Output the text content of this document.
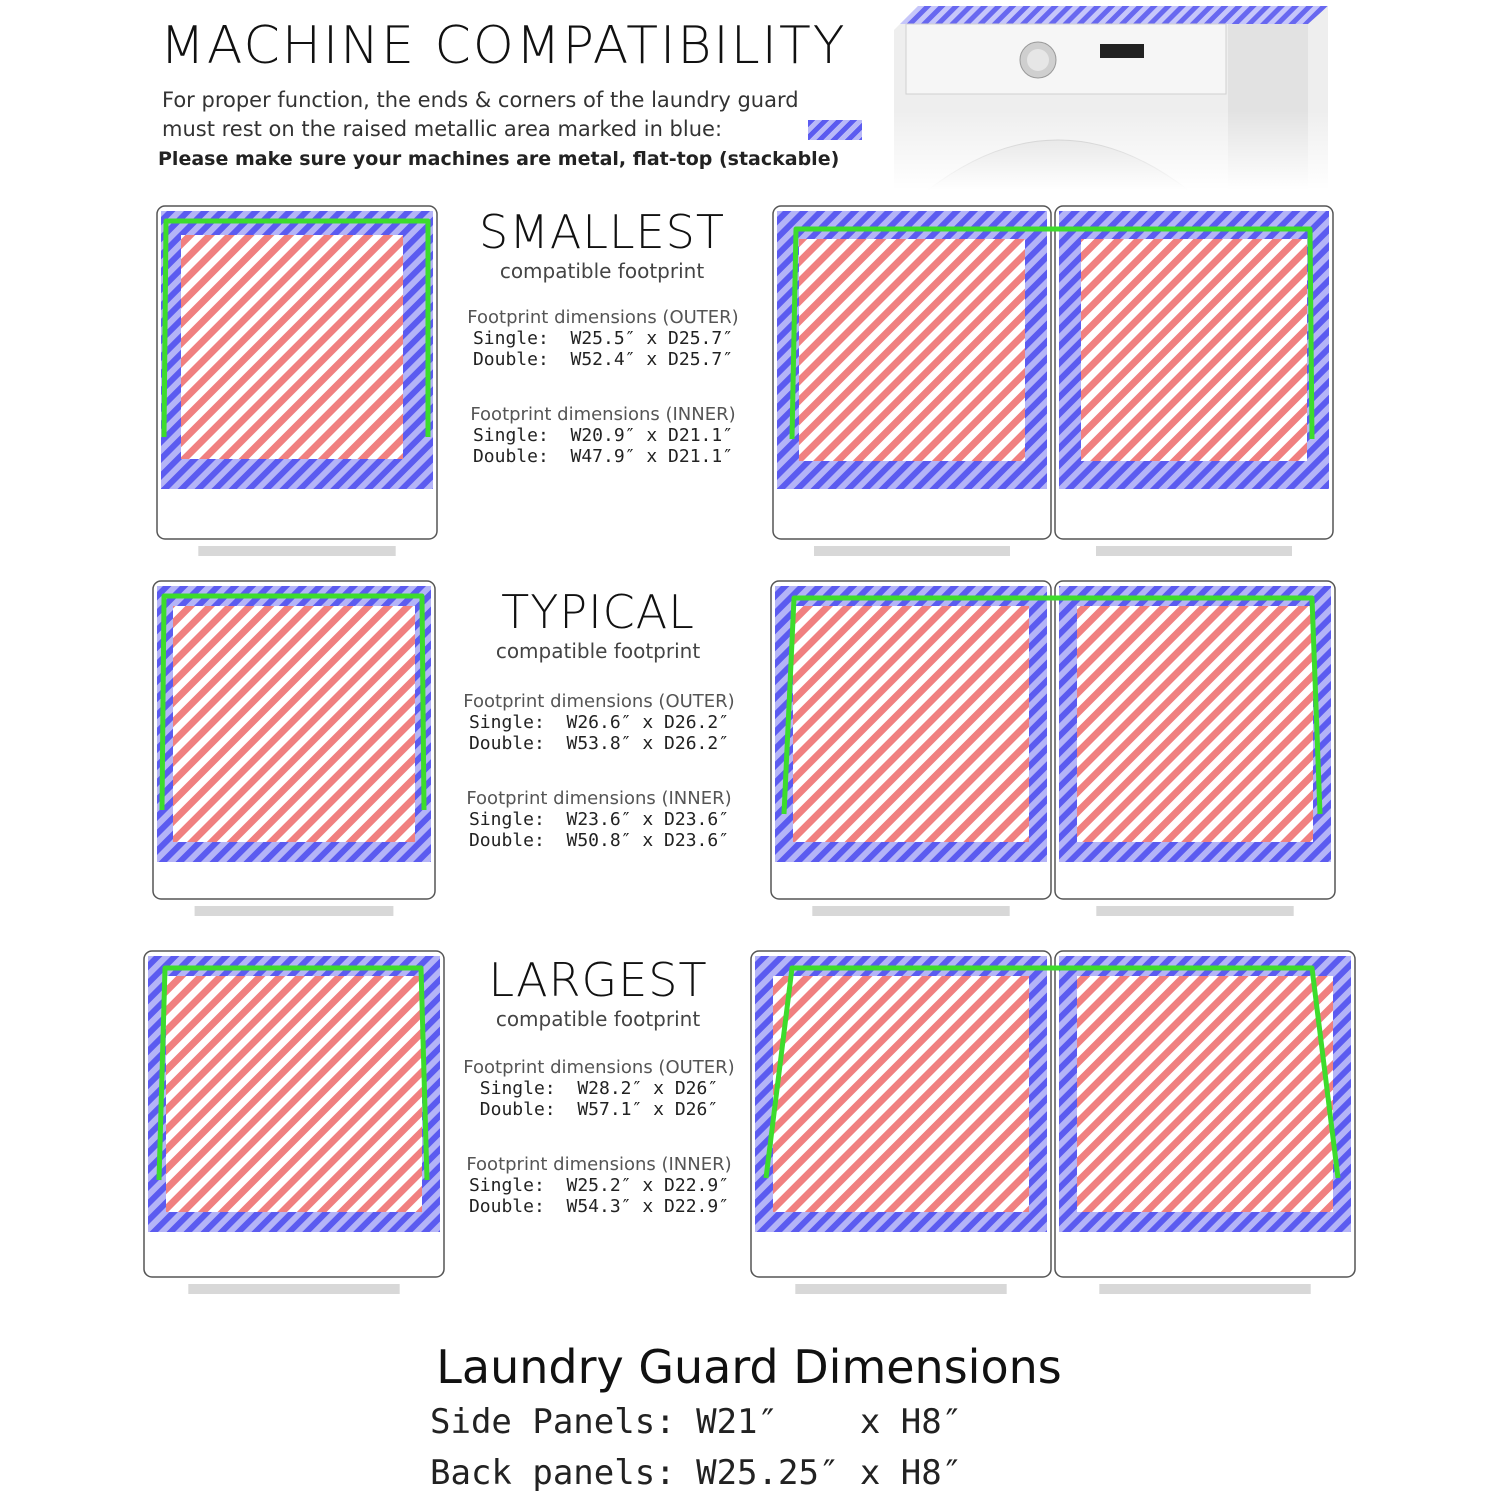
MACHINE COMPATIBILITY
For proper function, the ends & corners of the laundry guard
must rest on the raised metallic area marked in blue:
Please make sure your machines are metal, flat-top (stackable)
SMALLEST
compatible footprint
Footprint dimensions (OUTER)
Single:  W25.5″ x D25.7″
Double:  W52.4″ x D25.7″
Footprint dimensions (INNER)
Single:  W20.9″ x D21.1″
Double:  W47.9″ x D21.1″
TYPICAL
compatible footprint
Footprint dimensions (OUTER)
Single:  W26.6″ x D26.2″
Double:  W53.8″ x D26.2″
Footprint dimensions (INNER)
Single:  W23.6″ x D23.6″
Double:  W50.8″ x D23.6″
LARGEST
compatible footprint
Footprint dimensions (OUTER)
Single:  W28.2″ x D26″
Double:  W57.1″ x D26″
Footprint dimensions (INNER)
Single:  W25.2″ x D22.9″
Double:  W54.3″ x D22.9″
Laundry Guard Dimensions
Side Panels: W21″    x H8″
Back panels: W25.25″ x H8″
